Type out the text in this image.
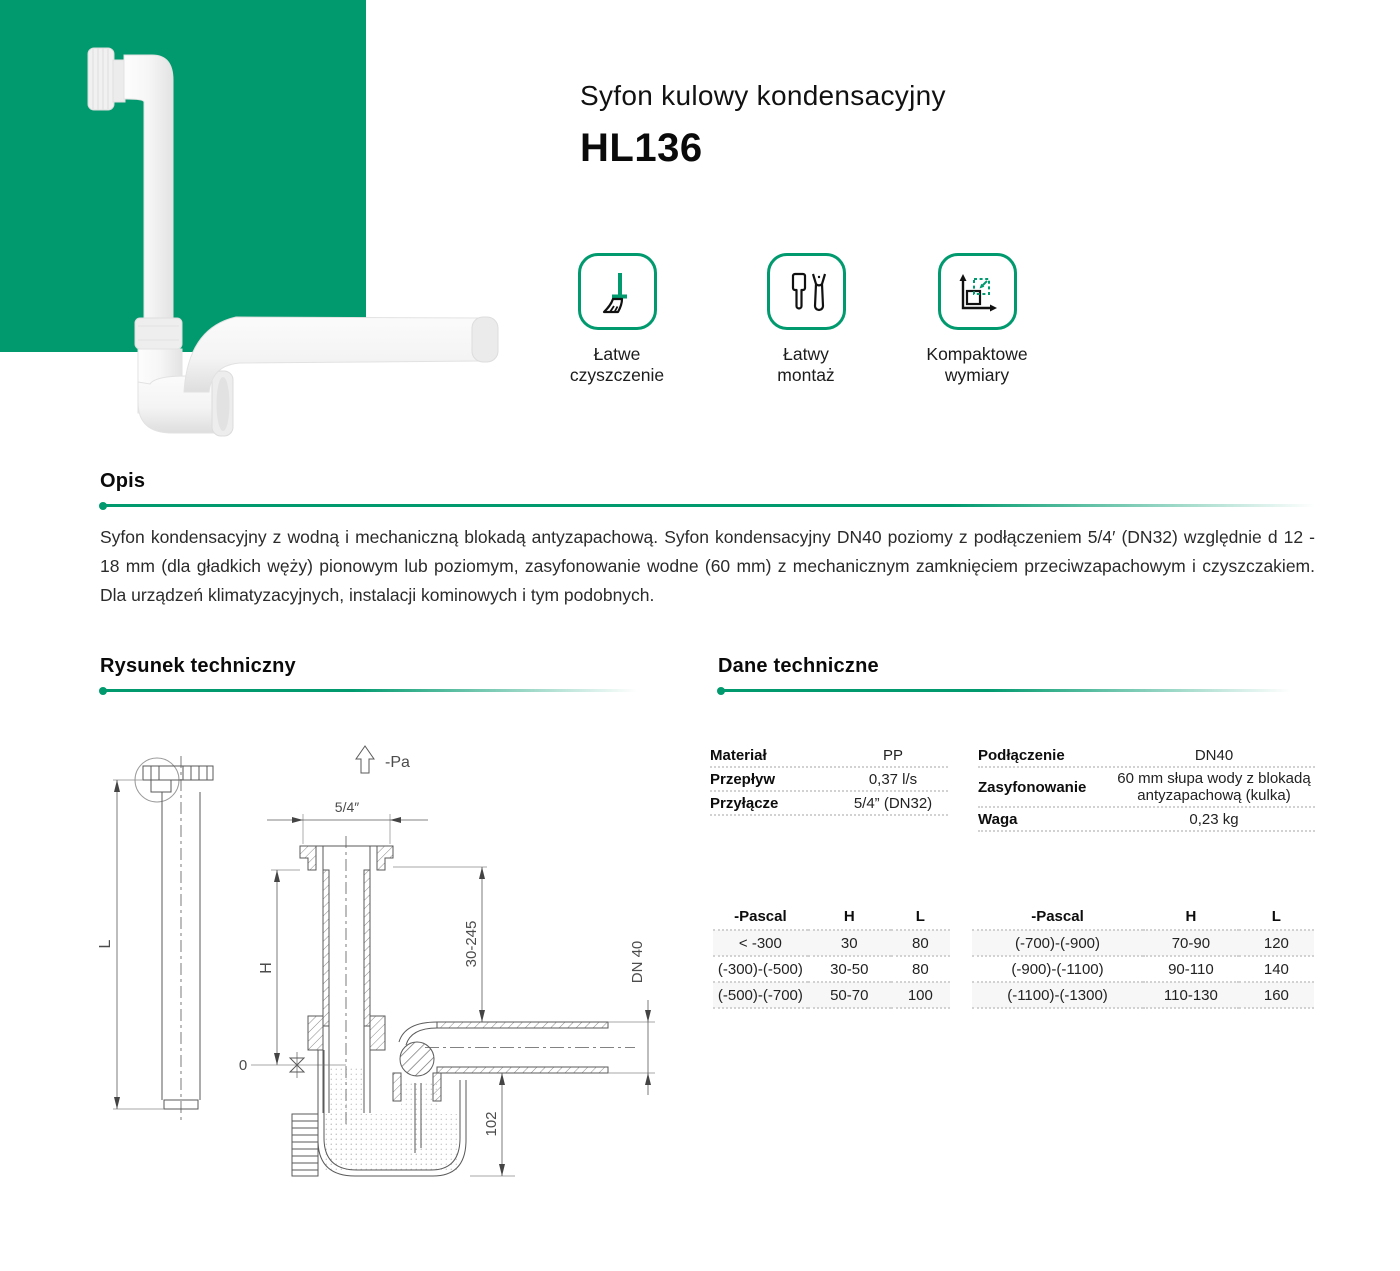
Syfon kulowy kondensacyjny
HL136
Łatwe
czyszczenie
Łatwy
montaż
Kompaktowe
wymiary
Opis

Syfon kondensacyjny z wodną i mechaniczną blokadą antyzapachową. Syfon kondensacyjny DN40 poziomy z podłączeniem 5/4′ (DN32) względnie d 12 - 18 mm (dla gładkich węży) pionowym lub poziomym, zasyfonowanie wodne (60 mm) z mechanicznym zamknięciem przeciwzapachowym i czyszczakiem. Dla urządzeń klimatyzacyjnych, instalacji kominowych i tym podobnych.

Rysunek techniczny	Dane techniczne
L
-Pa
5/4″
H
0
30-245	DN 40
102
Materiał	PP
Przepływ	0,37 l/s
Przyłącze	5/4” (DN32)
Podłączenie	DN40
Zasyfonowanie	60 mm słupa wody z blokadą antyzapachową (kulka)
Waga	0,23 kg
-Pascal	H	L
< -300	30	80
(-300)-(-500)	30-50	80
(-500)-(-700)	50-70	100
-Pascal	H	L
(-700)-(-900)	70-90	120
(-900)-(-1100)	90-110	140
(-1100)-(-1300)	110-130	160
